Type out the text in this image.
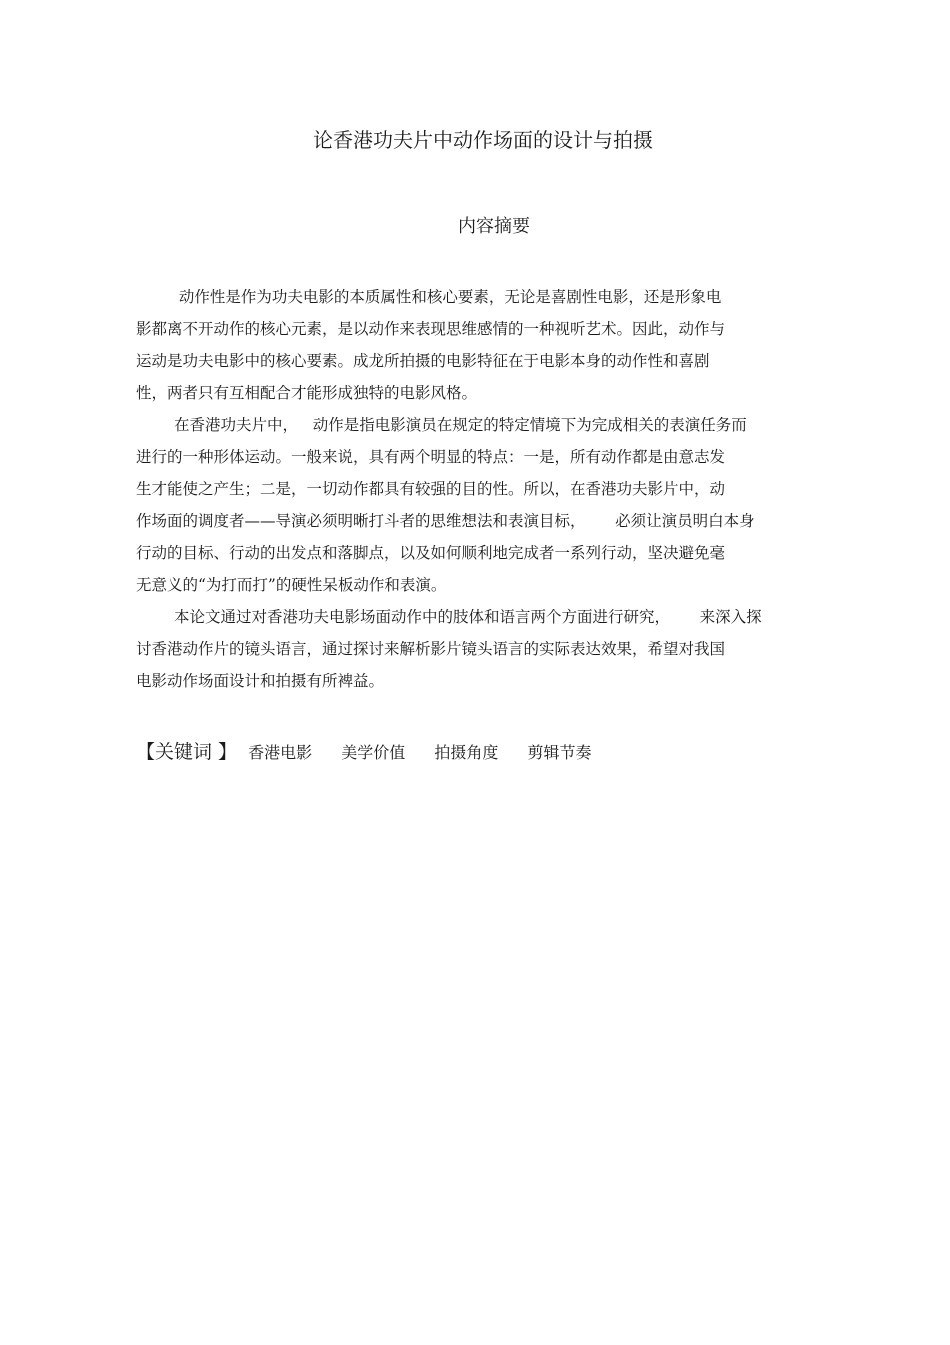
论香港功夫片中动作场面的设计与拍摄
内容摘要
动作性是作为功夫电影的本质属性和核心要素，无论是喜剧性电影，还是形象电
影都离不开动作的核心元素，是以动作来表现思维感情的一种视听艺术。因此，动作与
运动是功夫电影中的核心要素。成龙所拍摄的电影特征在于电影本身的动作性和喜剧
性，两者只有互相配合才能形成独特的电影风格。
在香港功夫片中，   动作是指电影演员在规定的特定情境下为完成相关的表演任务而
进行的一种形体运动。一般来说，具有两个明显的特点：一是，所有动作都是由意志发
生才能使之产生；二是，一切动作都具有较强的目的性。所以，在香港功夫影片中，动
作场面的调度者——导演必须明晰打斗者的思维想法和表演目标，      必须让演员明白本身
行动的目标、行动的出发点和落脚点，以及如何顺利地完成者一系列行动，坚决避免毫
无意义的“为打而打”的硬性呆板动作和表演。
本论文通过对香港功夫电影场面动作中的肢体和语言两个方面进行研究，      来深入探
讨香港动作片的镜头语言，通过探讨来解析影片镜头语言的实际表达效果，希望对我国
电影动作场面设计和拍摄有所裨益。
【关键词 】 香港电影 美学价值 拍摄角度 剪辑节奏
